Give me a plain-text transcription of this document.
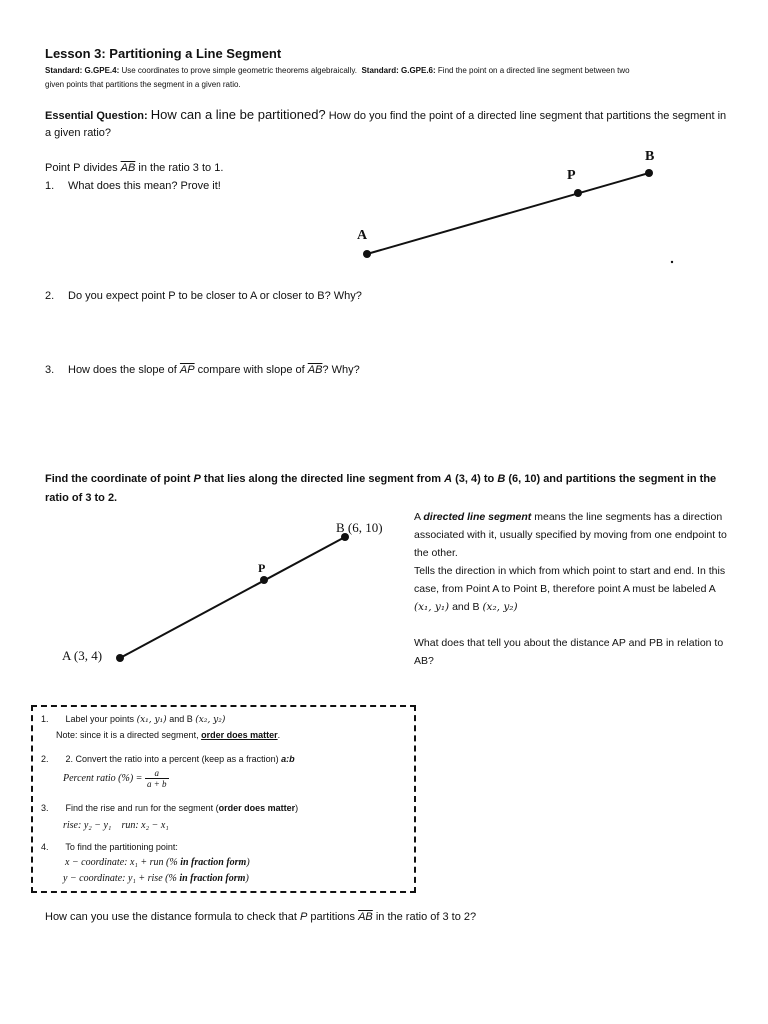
Lesson 3: Partitioning a Line Segment
Standard: G.GPE.4: Use coordinates to prove simple geometric theorems algebraically. Standard: G.GPE.6: Find the point on a directed line segment between two
given points that partitions the segment in a given ratio.
Essential Question: How can a line be partitioned? How do you find the point of a directed line segment that partitions the segment in a given ratio?
Point P divides $\overline{AB}$ in the ratio 3 to 1.
1. What does this mean? Prove it!
2. Do you expect point P to be closer to A or closer to B? Why?
3. How does the slope of $\overline{AP}$ compare with slope of $\overline{AB}$? Why?
A
P
B
Find the coordinate of point P that lies along the directed line segment from A (3, 4) to B (6, 10) and partitions the segment in the ratio of 3 to 2.
A (3, 4)
P
B (6, 10)
A directed line segment means the line segments has a direction associated with it, usually specified by moving from one endpoint to the other.
Tells the direction in which from which point to start and end. In this case, from Point A to Point B, therefore point A must be labeled A (x₁, y₁) and B (x₂, y₂)
What does that tell you about the distance AP and PB in relation to AB?
1. Label your points (x₁, y₁) and B (x₂, y₂)
Note: since it is a directed segment, order does matter.
2. 2. Convert the ratio into a percent (keep as a fraction) a:b
Percent ratio (%) = $\frac{a}{a + b}$
3. Find the rise and run for the segment (order does matter)
rise: y₂ − y₁ run: x₂ − x₁
4. To find the partitioning point:
x − coordinate: x₁ + run (% in fraction form)
y − coordinate: y₁ + rise (% in fraction form)
How can you use the distance formula to check that P partitions $\overline{AB}$ in the ratio of 3 to 2?
